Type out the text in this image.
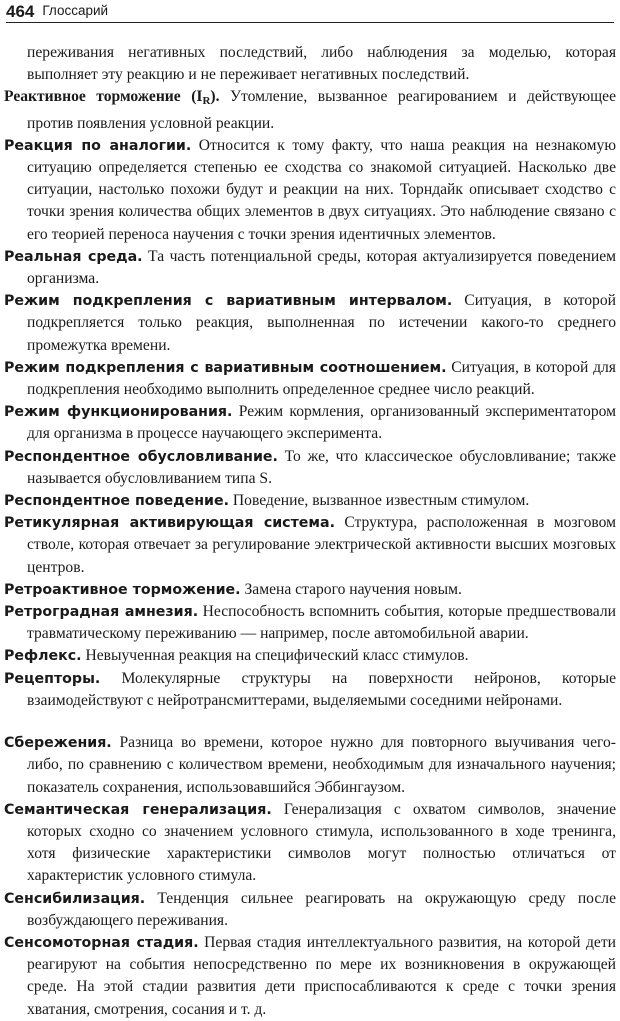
464 Глоссарий

переживания негативных последствий, либо наблюдения за моделью, которая выполняет эту реакцию и не переживает негативных последствий.

Реактивное торможение $(I_R)$. Утомление, вызванное реагированием и действующее против появления условной реакции.

Реакция по аналогии. Относится к тому факту, что наша реакция на незнакомую ситуацию определяется степенью ее сходства со знакомой ситуацией. Насколько две ситуации, настолько похожи будут и реакции на них. Торндайк описывает сходство с точки зрения количества общих элементов в двух ситуациях. Это наблюдение связано с его теорией переноса научения с точки зрения идентичных элементов.

Реальная среда. Та часть потенциальной среды, которая актуализируется поведением организма.

Режим подкрепления с вариативным интервалом. Ситуация, в которой подкрепляется только реакция, выполненная по истечении какого-то среднего промежутка времени.

Режим подкрепления с вариативным соотношением. Ситуация, в которой для подкрепления необходимо выполнить определенное среднее число реакций.

Режим функционирования. Режим кормления, организованный экспериментатором для организма в процессе научающего эксперимента.

Респондентное обусловливание. То же, что классическое обусловливание; также называется обусловливанием типа S.

Респондентное поведение. Поведение, вызванное известным стимулом.

Ретикулярная активирующая система. Структура, расположенная в мозговом стволе, которая отвечает за регулирование электрической активности высших мозговых центров.

Ретроактивное торможение. Замена старого научения новым.

Ретроградная амнезия. Неспособность вспомнить события, которые предшествовали травматическому переживанию — например, после автомобильной аварии.

Рефлекс. Невыученная реакция на специфический класс стимулов.

Рецепторы. Молекулярные структуры на поверхности нейронов, которые взаимодействуют с нейротрансмиттерами, выделяемыми соседними нейронами.

Сбережения. Разница во времени, которое нужно для повторного выучивания чего-либо, по сравнению с количеством времени, необходимым для изначального научения; показатель сохранения, использовавшийся Эббингаузом.

Семантическая генерализация. Генерализация с охватом символов, значение которых сходно со значением условного стимула, использованного в ходе тренинга, хотя физические характеристики символов могут полностью отличаться от характеристик условного стимула.

Сенсибилизация. Тенденция сильнее реагировать на окружающую среду после возбуждающего переживания.

Сенсомоторная стадия. Первая стадия интеллектуального развития, на которой дети реагируют на события непосредственно по мере их возникновения в окружающей среде. На этой стадии развития дети приспосабливаются к среде с точки зрения хватания, смотрения, сосания и т. д.
